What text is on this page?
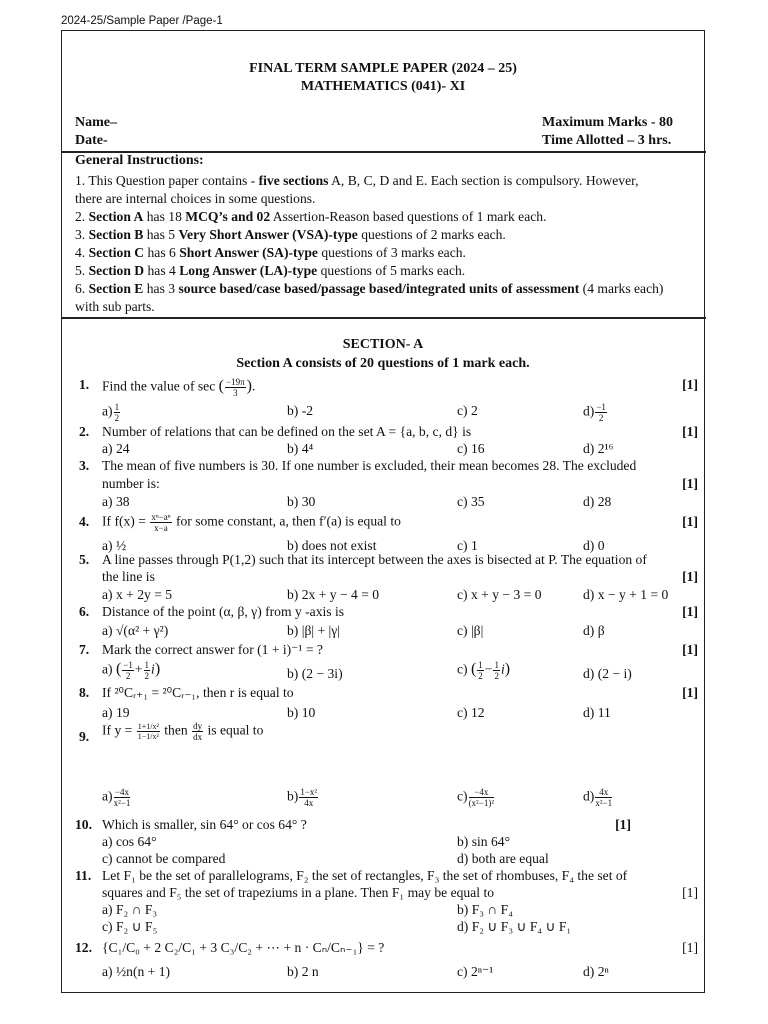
2024-25/Sample Paper /Page-1
FINAL TERM SAMPLE PAPER (2024 – 25)
MATHEMATICS (041)- XI
Name–	Maximum Marks - 80
Date-	Time Allotted – 3 hrs.
General Instructions:
1. This Question paper contains - five sections A, B, C, D and E. Each section is compulsory. However,
there are internal choices in some questions.
2. Section A has 18 MCQ’s and 02 Assertion-Reason based questions of 1 mark each.
3. Section B has 5 Very Short Answer (VSA)-type questions of 2 marks each.
4. Section C has 6 Short Answer (SA)-type questions of 3 marks each.
5. Section D has 4 Long Answer (LA)-type questions of 5 marks each.
6. Section E has 3 source based/case based/passage based/integrated units of assessment (4 marks each)
with sub parts.
SECTION- A
Section A consists of 20 questions of 1 mark each.
1. Find the value of sec ( $\frac{-19\pi}{3}$ ).	[1]
$a) \frac{1}{2}$	b) -2	c) 2	$d) \frac{-1}{2}$
2. Number of relations that can be defined on the set A = {a, b, c, d} is	[1]
a) 24	b) 4⁴	c) 16	d) 2¹⁶
3. The mean of five numbers is 30. If one number is excluded, their mean becomes 28. The excluded
number is:	[1]
a) 38	b) 30	c) 35	d) 28
4. If $f(x) = \frac{\text{xⁿ−aⁿ}}{x-a}$ for some constant, a, then f′(a) is equal to	[1]
a) ½	b) does not exist	c) 1	d) 0
5. A line passes through P(1,2) such that its intercept between the axes is bisected at P. The equation of
the line is	[1]
a) x + 2y = 5	b) 2x + y − 4 = 0	c) x + y − 3 = 0	d) x − y + 1 = 0
6. Distance of the point (α, β, γ) from y -axis is	[1]
a) √(α² + γ²)	b) |β| + |γ|	c) |β|	d) β
7. Mark the correct answer for (1 + i)⁻¹ = ?	[1]
a) ( $\frac{-1}{2} + \frac{1}{2} i$)	b) (2 − 3i)	c) ( $\frac{1}{2} - \frac{1}{2} i$)	d) (2 − i)
8. If ²⁰Cᵣ₊₁ = ²⁰Cᵣ₋₁, then r is equal to	[1]
a) 19	b) 10	c) 12	d) 11
9. If $y = \frac{\text{1+1/x²}}{\text{1−1/x²}}$ then $\frac{dy}{dx}$ is equal to
$a) \frac{-4x}{\text{x²−1}}$	$b) \frac{\text{1−x²}}{4x}$	$c) \frac{-4x}{\text{(x²−1)²}}$	$d) \frac{4x}{\text{x²−1}}$
10. Which is smaller, sin 64° or cos 64° ?	[1]
a) cos 64°	b) sin 64°
c) cannot be compared	d) both are equal
11. Let F₁ be the set of parallelograms, F₂ the set of rectangles, F₃ the set of rhombuses, F₄ the set of
squares and F₅ the set of trapeziums in a plane. Then F₁ may be equal to	[1]
a) F₂ ∩ F₃	b) F₃ ∩ F₄
c) F₂ ∪ F₅	d) F₂ ∪ F₃ ∪ F₄ ∪ F₁
12. {C₁/C₀ + 2 C₂/C₁ + 3 C₃/C₂ + ⋯ + n · Cₙ/Cₙ₋₁} = ?	[1]
a) ½n(n + 1)	b) 2 n	c) 2ⁿ⁻¹	d) 2ⁿ
